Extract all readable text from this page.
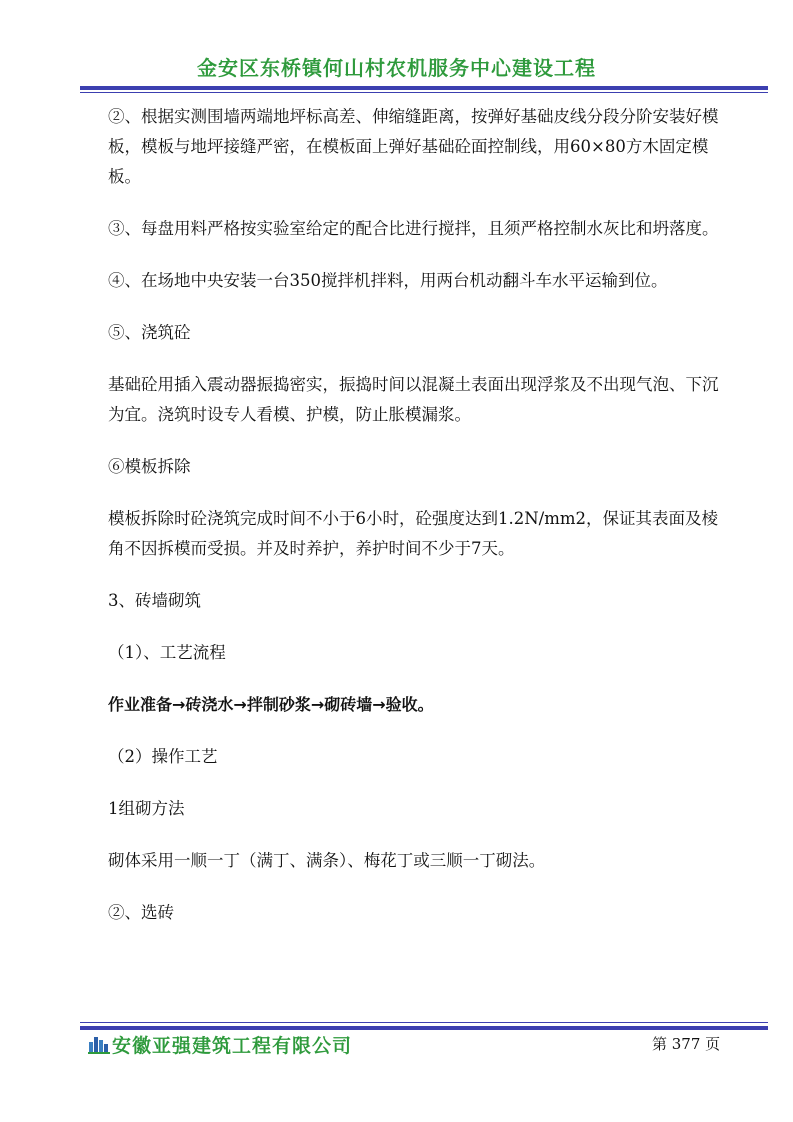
金安区东桥镇何山村农机服务中心建设工程

②、根据实测围墙两端地坪标高差、伸缩缝距离，按弹好基础皮线分段分阶安装好模板，模板与地坪接缝严密，在模板面上弹好基础砼面控制线，用60×80方木固定模板。

③、每盘用料严格按实验室给定的配合比进行搅拌，且须严格控制水灰比和坍落度。

④、在场地中央安装一台350搅拌机拌料，用两台机动翻斗车水平运输到位。

⑤、浇筑砼

基础砼用插入震动器振捣密实，振捣时间以混凝土表面出现浮浆及不出现气泡、下沉为宜。浇筑时设专人看模、护模，防止胀模漏浆。

⑥模板拆除

模板拆除时砼浇筑完成时间不小于6小时，砼强度达到1.2N/mm2，保证其表面及棱角不因拆模而受损。并及时养护，养护时间不少于7天。

3、砖墙砌筑

（1）、工艺流程

作业准备→砖浇水→拌制砂浆→砌砖墙→验收。

（2）操作工艺

1组砌方法

砌体采用一顺一丁（满丁、满条）、梅花丁或三顺一丁砌法。

②、选砖

安徽亚强建筑工程有限公司	第 377 页
